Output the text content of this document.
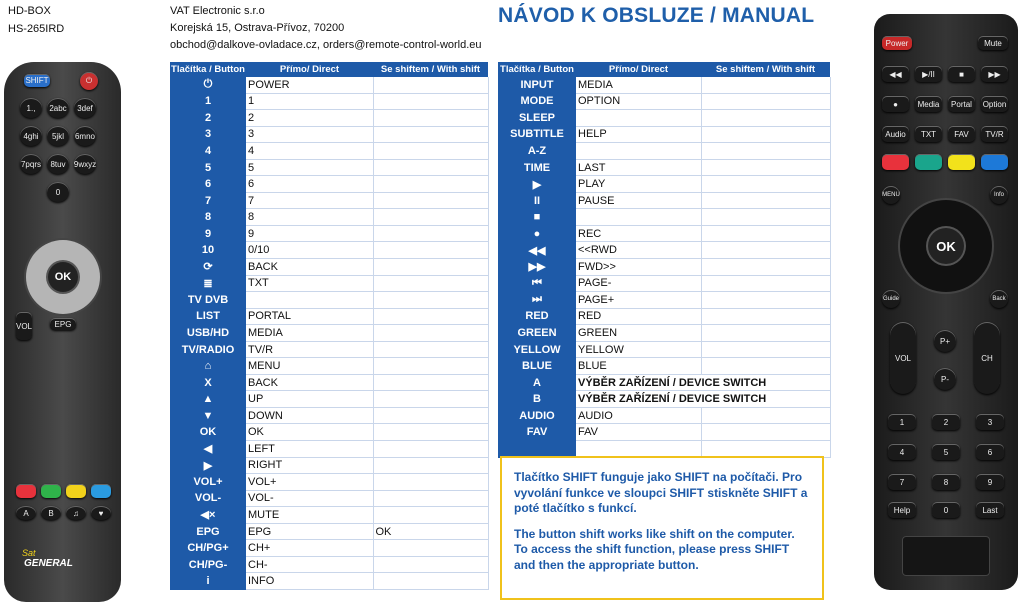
HD-BOX
HS-265IRD
VAT Electronic s.r.o
Korejská 15, Ostrava-Přívoz, 70200
obchod@dalkove-ovladace.cz, orders@remote-control-world.eu
NÁVOD K OBSLUZE / MANUAL
Tlačítka / Button	Přímo/ Direct	Se shiftem / With shift
⏻	POWER	
1	1	
2	2	
3	3	
4	4	
5	5	
6	6	
7	7	
8	8	
9	9	
10	0/10	
⟳	BACK	
≣	TXT	
TV DVB		
LIST	PORTAL	
USB/HD	MEDIA	
TV/RADIO	TV/R	
⌂	MENU	
X	BACK	
▲	UP	
▼	DOWN	
OK	OK	
◀	LEFT	
▶	RIGHT	
VOL+	VOL+	
VOL-	VOL-	
◀×	MUTE	
EPG	EPG	OK
CH/PG+	CH+	
CH/PG-	CH-	
i	INFO	
Tlačítka / Button	Přímo/ Direct	Se shiftem / With shift
INPUT	MEDIA	
MODE	OPTION	
SLEEP		
SUBTITLE	HELP	
A-Z		
TIME	LAST	
▶	PLAY	
II	PAUSE	
■		
●	REC	
◀◀	<<RWD	
▶▶	FWD>>	
⏮	PAGE-	
⏭	PAGE+	
RED	RED	
GREEN	GREEN	
YELLOW	YELLOW	
BLUE	BLUE	
A	VÝBĚR ZAŘÍZENÍ / DEVICE SWITCH	
B	VÝBĚR ZAŘÍZENÍ / DEVICE SWITCH	
AUDIO	AUDIO	
FAV	FAV	

Tlačítko SHIFT funguje jako SHIFT na počítači. Pro vyvolání funkce ve sloupci SHIFT stiskněte SHIFT a poté tlačítko s funkcí.

The button shift works like shift on the computer. To access the shift function, please press SHIFT and then the appropriate button.

SHIFT	⏻
OK
VOL	EPG
Sat
GENERAL
1.,	2abc	3def
4ghi	5jkl	6mno
7pqrs	8tuv	9wxyz
0
A	B	♫	♥
Power	Mute
MENU	Info
OK
Guide	Back
VOL	CH
P+
P-
Help	0	Last
◀◀	▶/II	■	▶▶
●	Media	Portal	Option
Audio	TXT	FAV	TV/R
1	2	3
4	5	6
7	8	9
